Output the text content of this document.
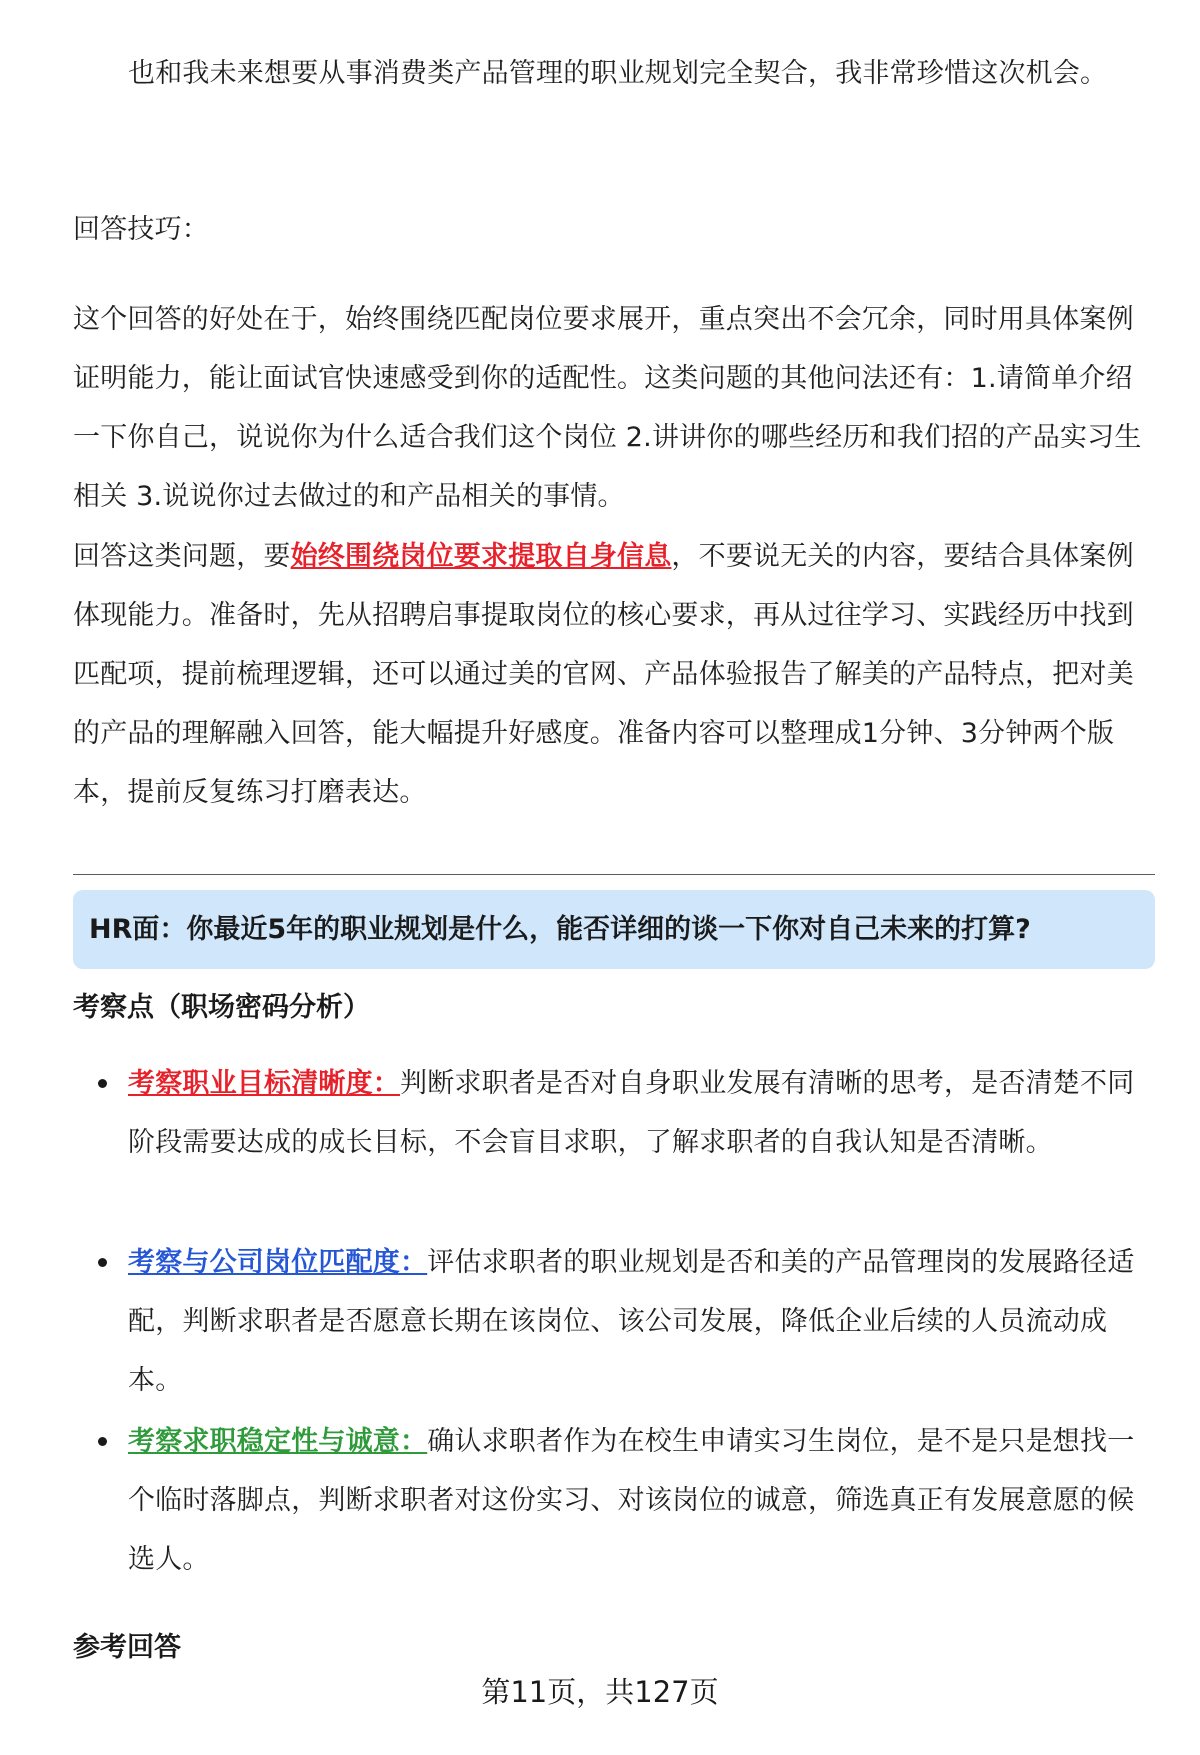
也和我未来想要从事消费类产品管理的职业规划完全契合，我非常珍惜这次机会。

回答技巧：

这个回答的好处在于，始终围绕匹配岗位要求展开，重点突出不会冗余，同时用具体案例证明能力，能让面试官快速感受到你的适配性。这类问题的其他问法还有：1.请简单介绍一下你自己，说说你为什么适合我们这个岗位 2.讲讲你的哪些经历和我们招的产品实习生相关 3.说说你过去做过的和产品相关的事情。

回答这类问题，要始终围绕岗位要求提取自身信息，不要说无关的内容，要结合具体案例体现能力。准备时，先从招聘启事提取岗位的核心要求，再从过往学习、实践经历中找到匹配项，提前梳理逻辑，还可以通过美的官网、产品体验报告了解美的产品特点，把对美的产品的理解融入回答，能大幅提升好感度。准备内容可以整理成1分钟、3分钟两个版本，提前反复练习打磨表达。

HR面：你最近5年的职业规划是什么，能否详细的谈一下你对自己未来的打算?

考察点（职场密码分析）

考察职业目标清晰度：判断求职者是否对自身职业发展有清晰的思考，是否清楚不同阶段需要达成的成长目标，不会盲目求职，了解求职者的自我认知是否清晰。

考察与公司岗位匹配度：评估求职者的职业规划是否和美的产品管理岗的发展路径适配，判断求职者是否愿意长期在该岗位、该公司发展，降低企业后续的人员流动成本。

考察求职稳定性与诚意：确认求职者作为在校生申请实习生岗位，是不是只是想找一个临时落脚点，判断求职者对这份实习、对该岗位的诚意，筛选真正有发展意愿的候选人。

参考回答

第11页，共127页
